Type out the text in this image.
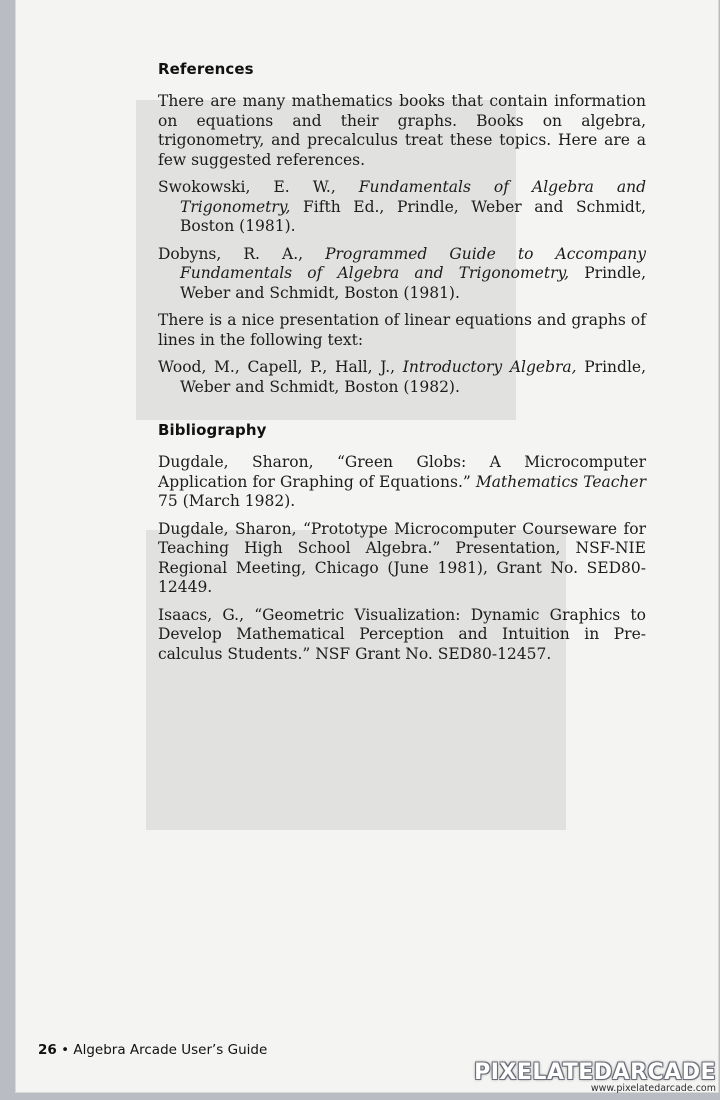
References

There are many mathematics books that contain information on equations and their graphs. Books on algebra, trigonometry, and precalculus treat these topics. Here are a few suggested references.

Swokowski, E. W., Fundamentals of Algebra and Trigonometry, Fifth Ed., Prindle, Weber and Schmidt, Boston (1981).

Dobyns, R. A., Programmed Guide to Accompany Fundamentals of Algebra and Trigonometry, Prindle, Weber and Schmidt, Boston (1981).

There is a nice presentation of linear equations and graphs of lines in the following text:

Wood, M., Capell, P., Hall, J., Introductory Algebra, Prindle, Weber and Schmidt, Boston (1982).

Bibliography

Dugdale, Sharon, “Green Globs: A Microcomputer Application for Graphing of Equations.” Mathematics Teacher 75 (March 1982).

Dugdale, Sharon, “Prototype Microcomputer Courseware for Teaching High School Algebra.” Presentation, NSF-NIE Regional Meeting, Chicago (June 1981), Grant No. SED80-12449.

Isaacs, G., “Geometric Visualization: Dynamic Graphics to Develop Mathematical Perception and Intuition in Pre-calculus Students.” NSF Grant No. SED80-12457.

26 • Algebra Arcade User’s Guide
PIXELATEDARCADE
www.pixelatedarcade.com
